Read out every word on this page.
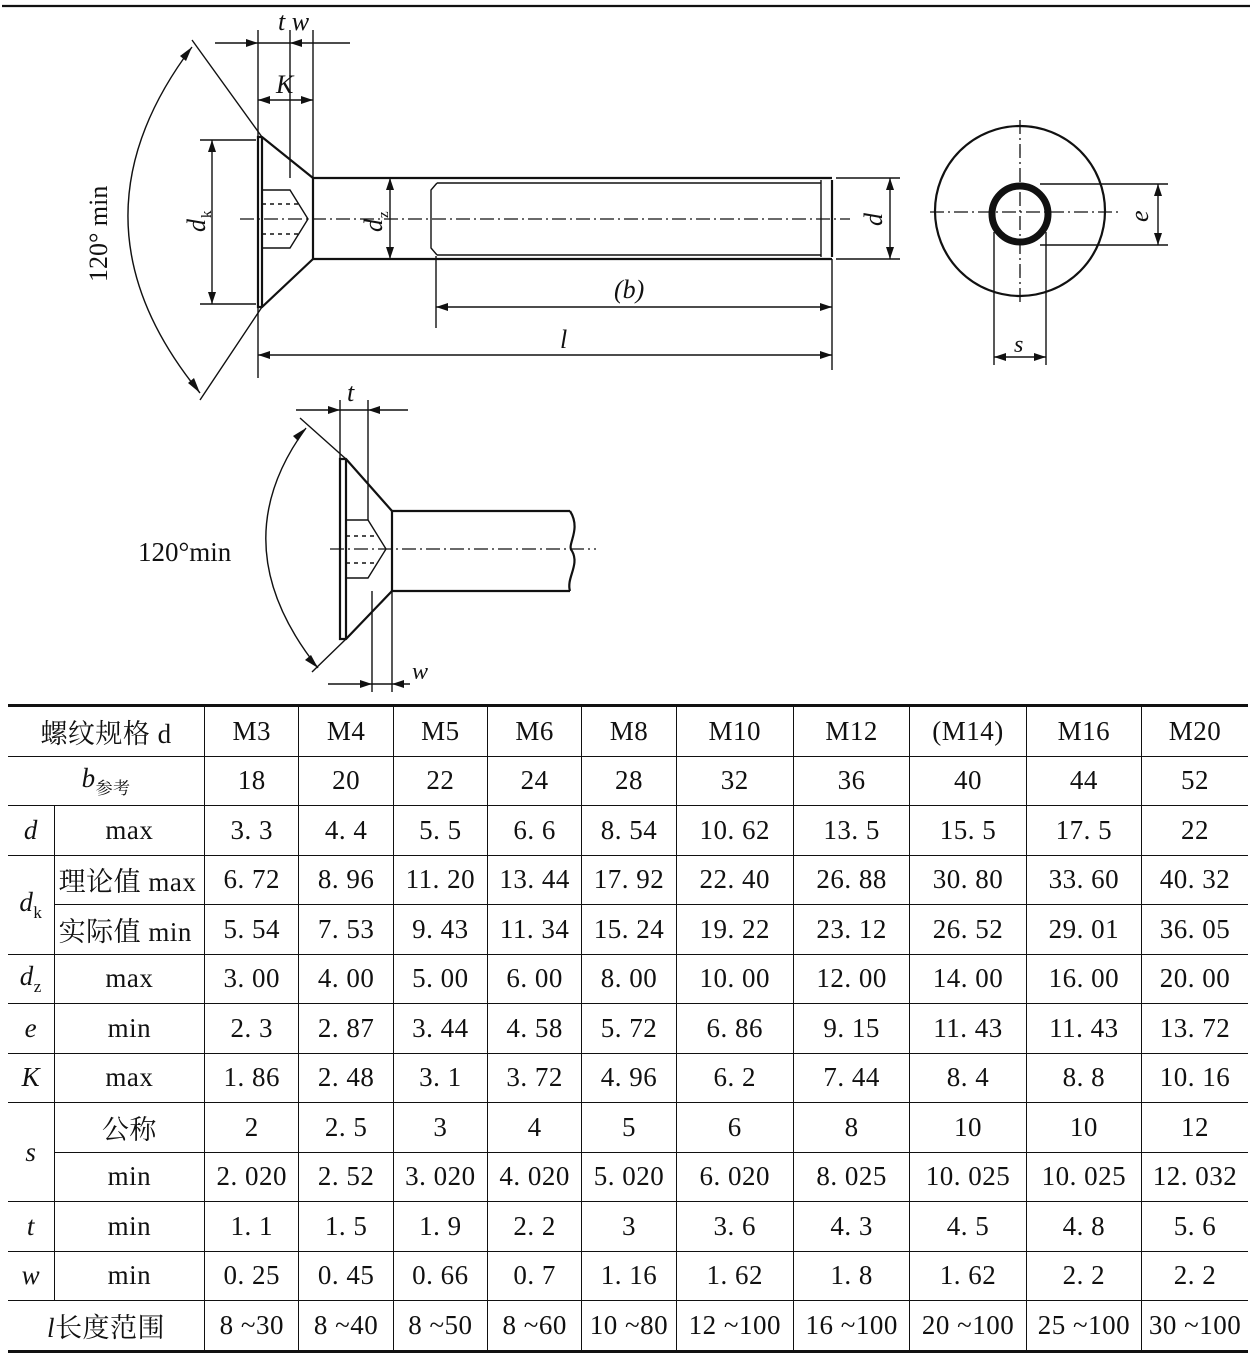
t w
K
120° min	d
k
d
z	d
(b)
l
e
s
t
w
120°min
螺纹规格 d		M3	M4	M5	M6	M8	M10	M12	(M14)	M16	M20
$b_{参考}$		18	20	22	24	28	32	36	40	44	52
d	max	3. 3	4. 4	5. 5	6. 6	8. 54	10. 62	13. 5	15. 5	17. 5	22
$d_k$	理论值 max	6. 72	8. 96	11. 20	13. 44	17. 92	22. 40	26. 88	30. 80	33. 60	40. 32
	实际值 min	5. 54	7. 53	9. 43	11. 34	15. 24	19. 22	23. 12	26. 52	29. 01	36. 05
$d_z$	max	3. 00	4. 00	5. 00	6. 00	8. 00	10. 00	12. 00	14. 00	16. 00	20. 00
e	min	2. 3	2. 87	3. 44	4. 58	5. 72	6. 86	9. 15	11. 43	11. 43	13. 72
K	max	1. 86	2. 48	3. 1	3. 72	4. 96	6. 2	7. 44	8. 4	8. 8	10. 16
s	公称	2	2. 5	3	4	5	6	8	10	10	12
	min	2. 020	2. 52	3. 020	4. 020	5. 020	6. 020	8. 025	10. 025	10. 025	12. 032
t	min	1. 1	1. 5	1. 9	2. 2	3	3. 6	4. 3	4. 5	4. 8	5. 6
w	min	0. 25	0. 45	0. 66	0. 7	1. 16	1. 62	1. 8	1. 62	2. 2	2. 2
l长度范围		8 ~30	8 ~40	8 ~50	8 ~60	10 ~80	12 ~100	16 ~100	20 ~100	25 ~100	30 ~100
